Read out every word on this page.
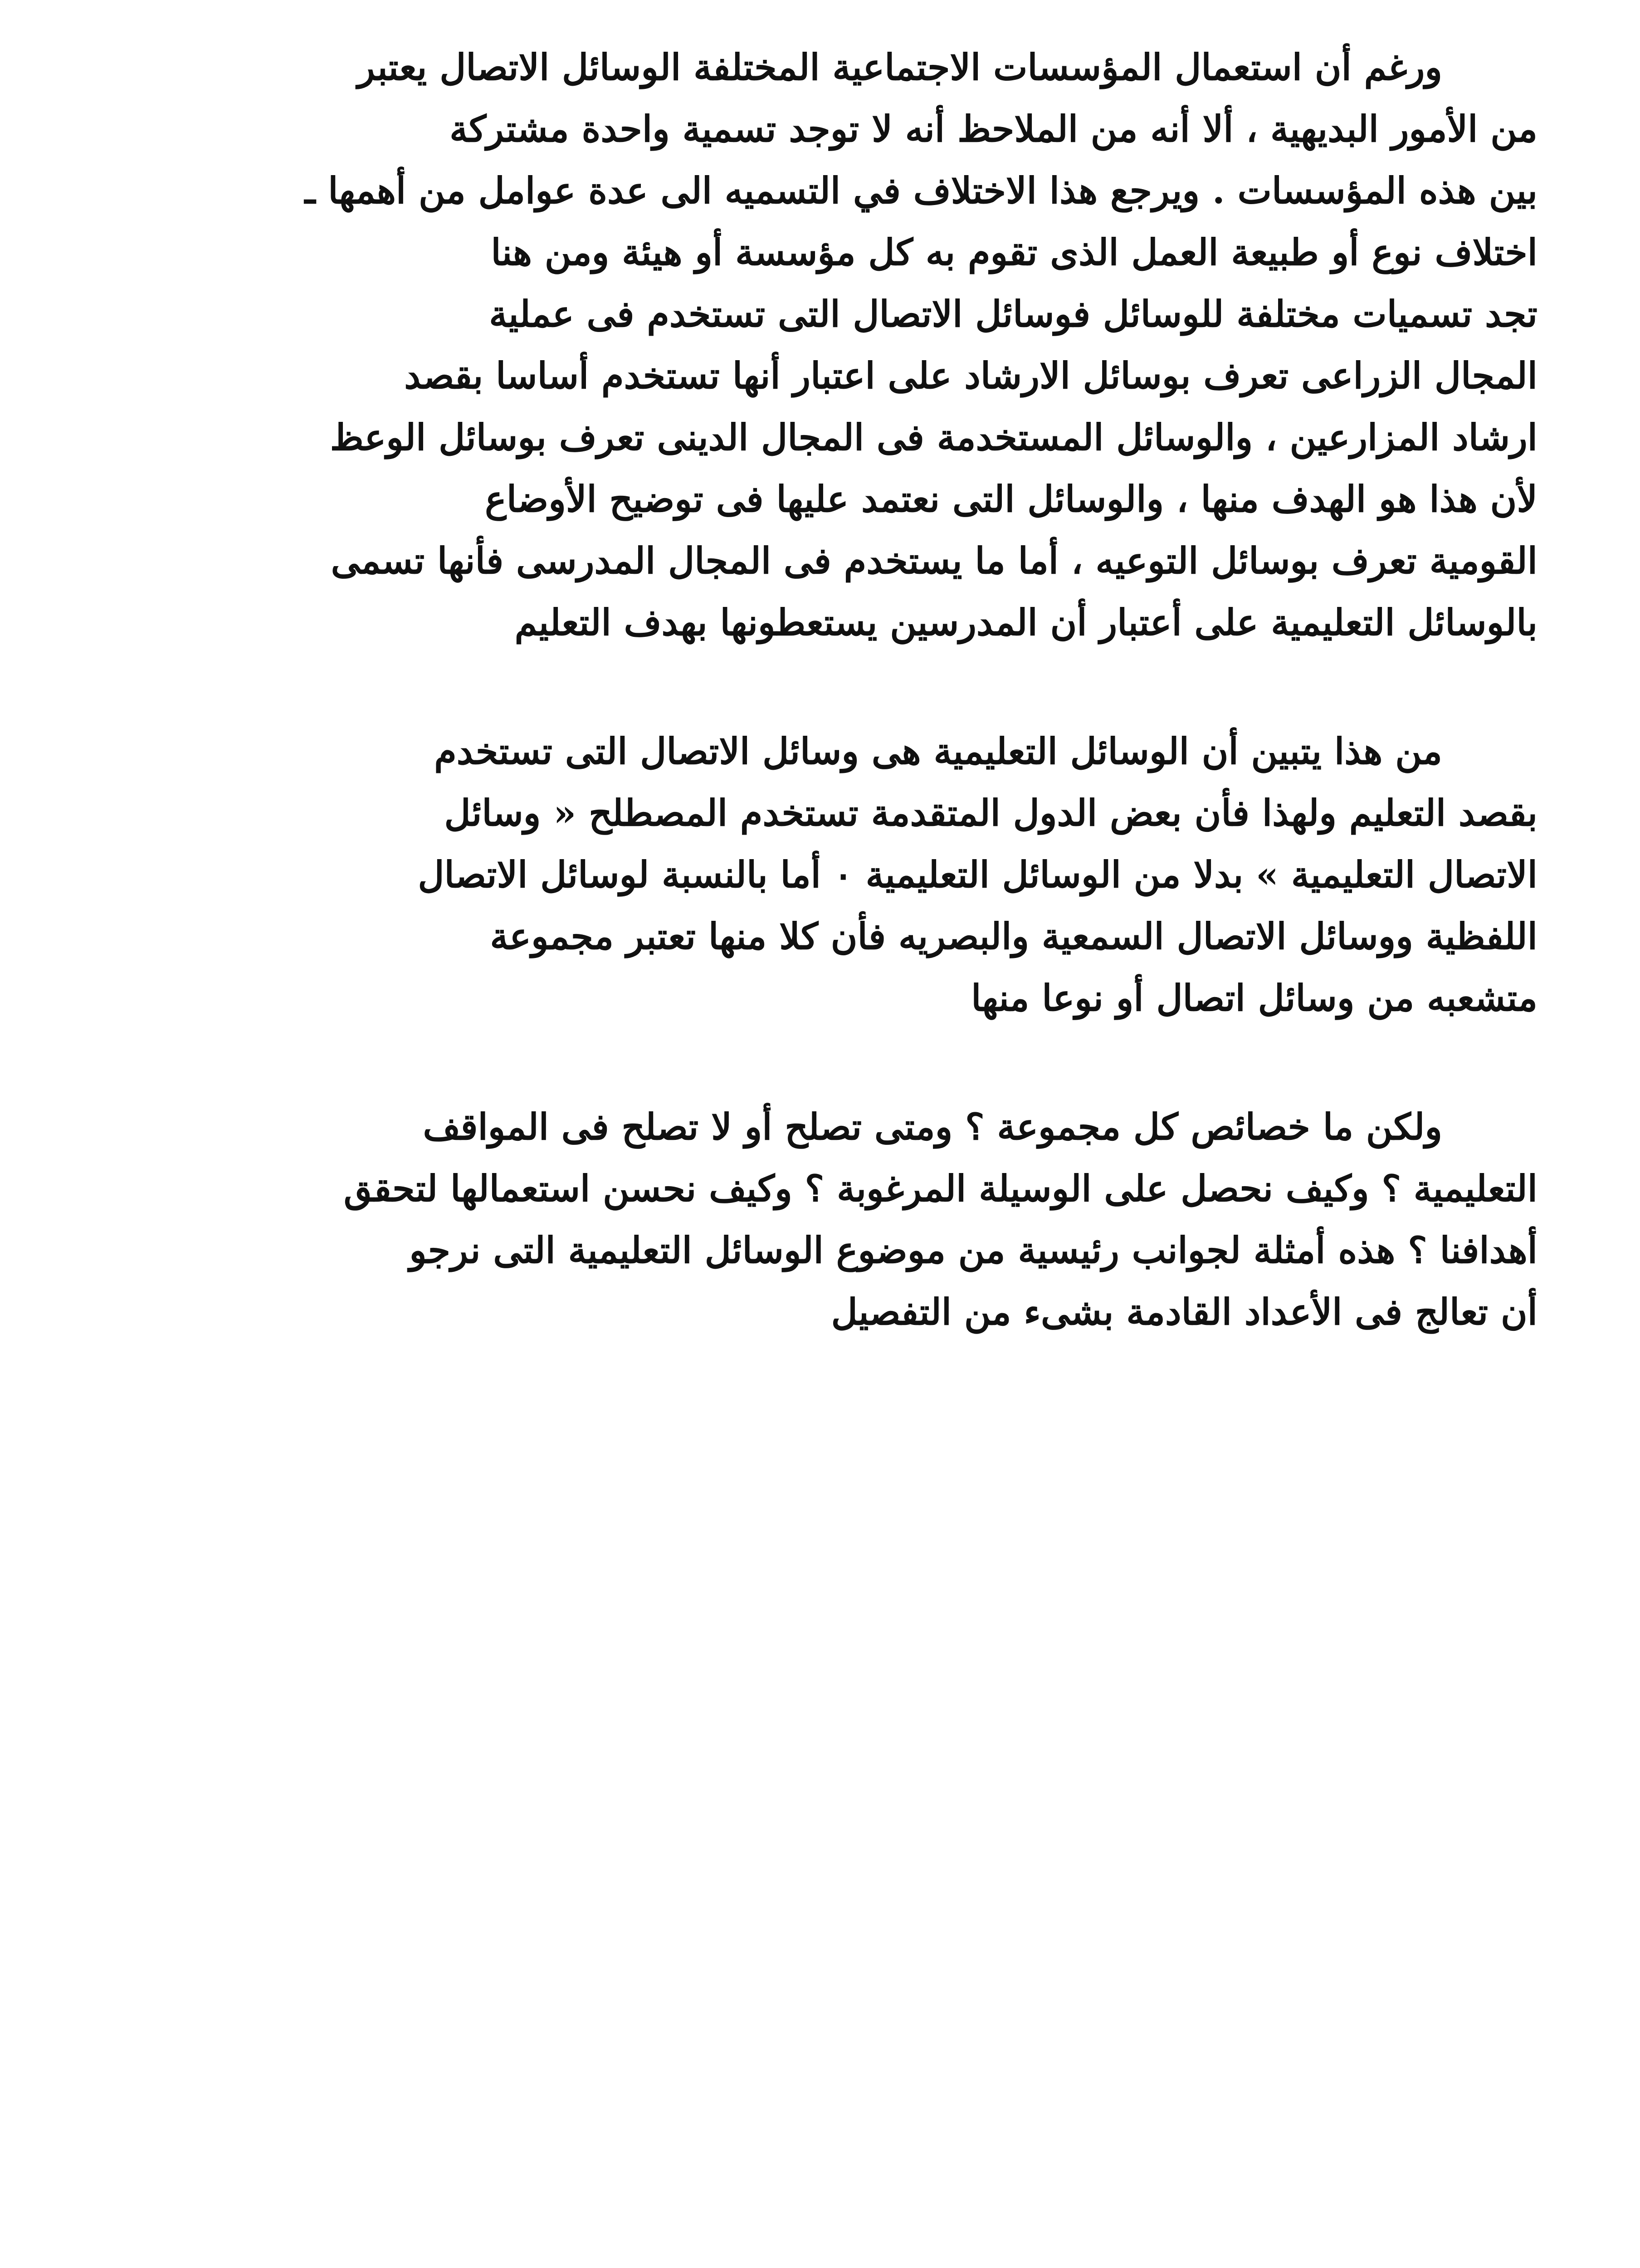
ورغم أن استعمال المؤسسات الاجتماعية المختلفة الوسائل الاتصال يعتبر
من الأمور البديهية ، ألا أنه من الملاحظ أنه لا توجد تسمية واحدة مشتركة
بين هذه المؤسسات . ويرجع هذا الاختلاف في التسميه الى عدة عوامل من أهمها ـ
اختلاف نوع أو طبيعة العمل الذى تقوم به كل مؤسسة أو هيئة ومن هنا
تجد تسميات مختلفة للوسائل فوسائل الاتصال التى تستخدم فى عملية
المجال الزراعى تعرف بوسائل الارشاد على اعتبار أنها تستخدم أساسا بقصد
ارشاد المزارعين ، والوسائل المستخدمة فى المجال الدينى تعرف بوسائل الوعظ
لأن هذا هو الهدف منها ، والوسائل التى نعتمد عليها فى توضيح الأوضاع
القومية تعرف بوسائل التوعيه ، أما ما يستخدم فى المجال المدرسى فأنها تسمى
بالوسائل التعليمية على أعتبار أن المدرسين يستعطونها بهدف التعليم
من هذا يتبين أن الوسائل التعليمية هى وسائل الاتصال التى تستخدم
بقصد التعليم ولهذا فأن بعض الدول المتقدمة تستخدم المصطلح « وسائل
الاتصال التعليمية » بدلا من الوسائل التعليمية ٠ أما بالنسبة لوسائل الاتصال
اللفظية ووسائل الاتصال السمعية والبصريه فأن كلا منها تعتبر مجموعة
متشعبه من وسائل اتصال أو نوعا منها
ولكن ما خصائص كل مجموعة ؟ ومتى تصلح أو لا تصلح فى المواقف
التعليمية ؟ وكيف نحصل على الوسيلة المرغوبة ؟ وكيف نحسن استعمالها لتحقق
أهدافنا ؟ هذه أمثلة لجوانب رئيسية من موضوع الوسائل التعليمية التى نرجو
أن تعالج فى الأعداد القادمة بشىء من التفصيل
